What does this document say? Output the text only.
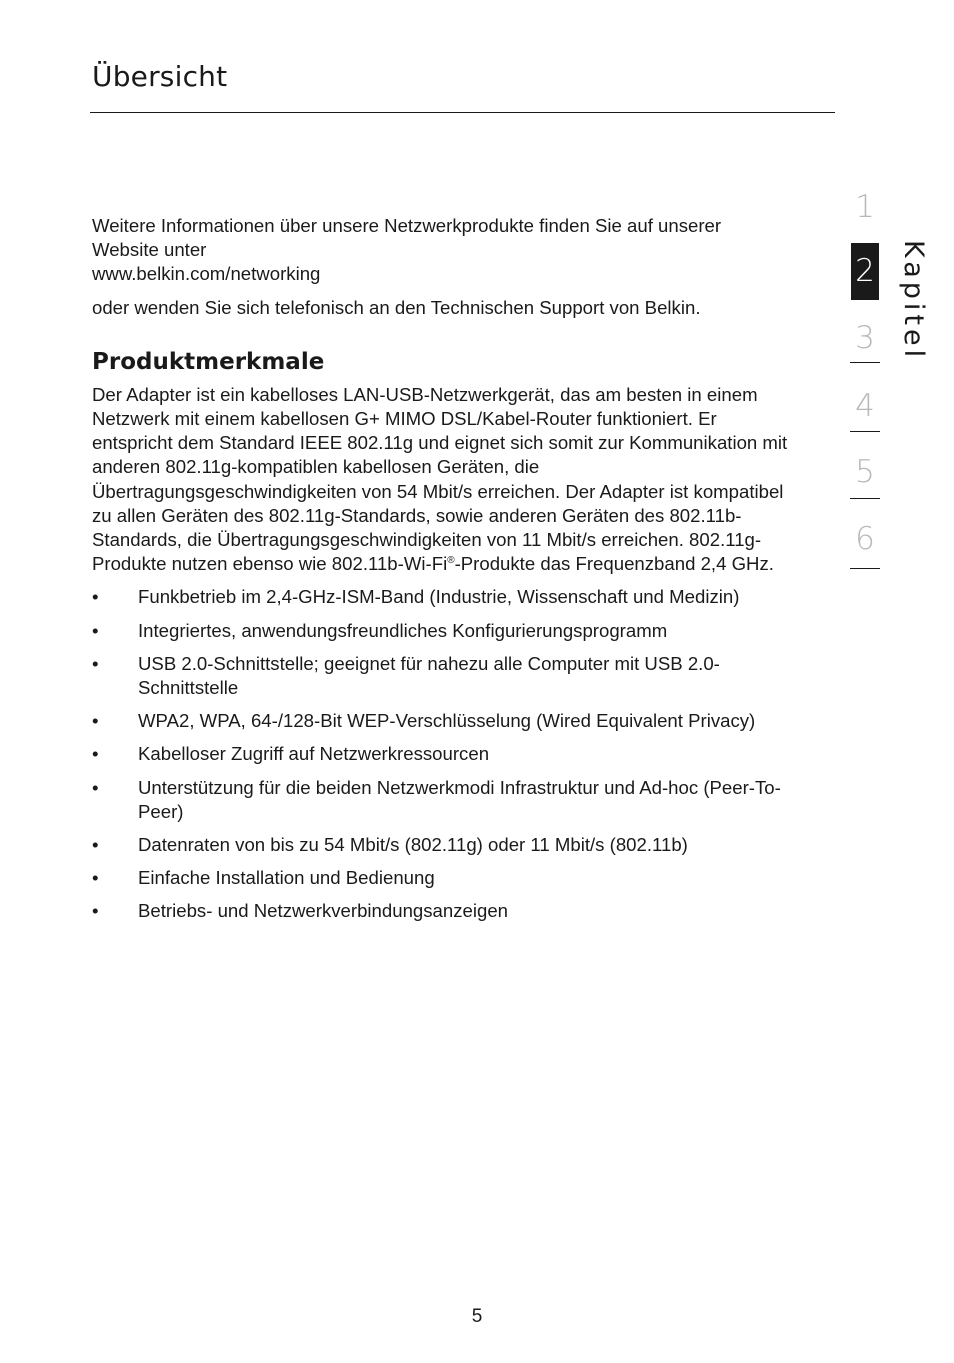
Übersicht

Weitere Informationen über unsere Netzwerkprodukte finden Sie auf unserer Website unter

www.belkin.com/networking

oder wenden Sie sich telefonisch an den Technischen Support von Belkin.

Produktmerkmale

Der Adapter ist ein kabelloses LAN-USB-Netzwerkgerät, das am besten in einem Netzwerk mit einem kabellosen G+ MIMO DSL/Kabel-Router funktioniert. Er entspricht dem Standard IEEE 802.11g und eignet sich somit zur Kommunikation mit anderen 802.11g-kompatiblen kabellosen Geräten, die Übertragungsgeschwindigkeiten von 54 Mbit/s erreichen. Der Adapter ist kompatibel zu allen Geräten des 802.11g-Standards, sowie anderen Geräten des 802.11b-Standards, die Übertragungsgeschwindigkeiten von 11 Mbit/s erreichen. 802.11g-Produkte nutzen ebenso wie 802.11b-Wi-Fi®-Produkte das Frequenzband 2,4 GHz.

• Funkbetrieb im 2,4-GHz-ISM-Band (Industrie, Wissenschaft und Medizin)
• Integriertes, anwendungsfreundliches Konfigurierungsprogramm
• USB 2.0-Schnittstelle; geeignet für nahezu alle Computer mit USB 2.0-Schnittstelle
• WPA2, WPA, 64-/128-Bit WEP-Verschlüsselung (Wired Equivalent Privacy)
• Kabelloser Zugriff auf Netzwerkressourcen
• Unterstützung für die beiden Netzwerkmodi Infrastruktur und Ad-hoc (Peer-To-Peer)
• Datenraten von bis zu 54 Mbit/s (802.11g) oder 11 Mbit/s (802.11b)
• Einfache Installation und Bedienung
• Betriebs- und Netzwerkverbindungsanzeigen
1
2
3
4
5
6
Kapitel
5
